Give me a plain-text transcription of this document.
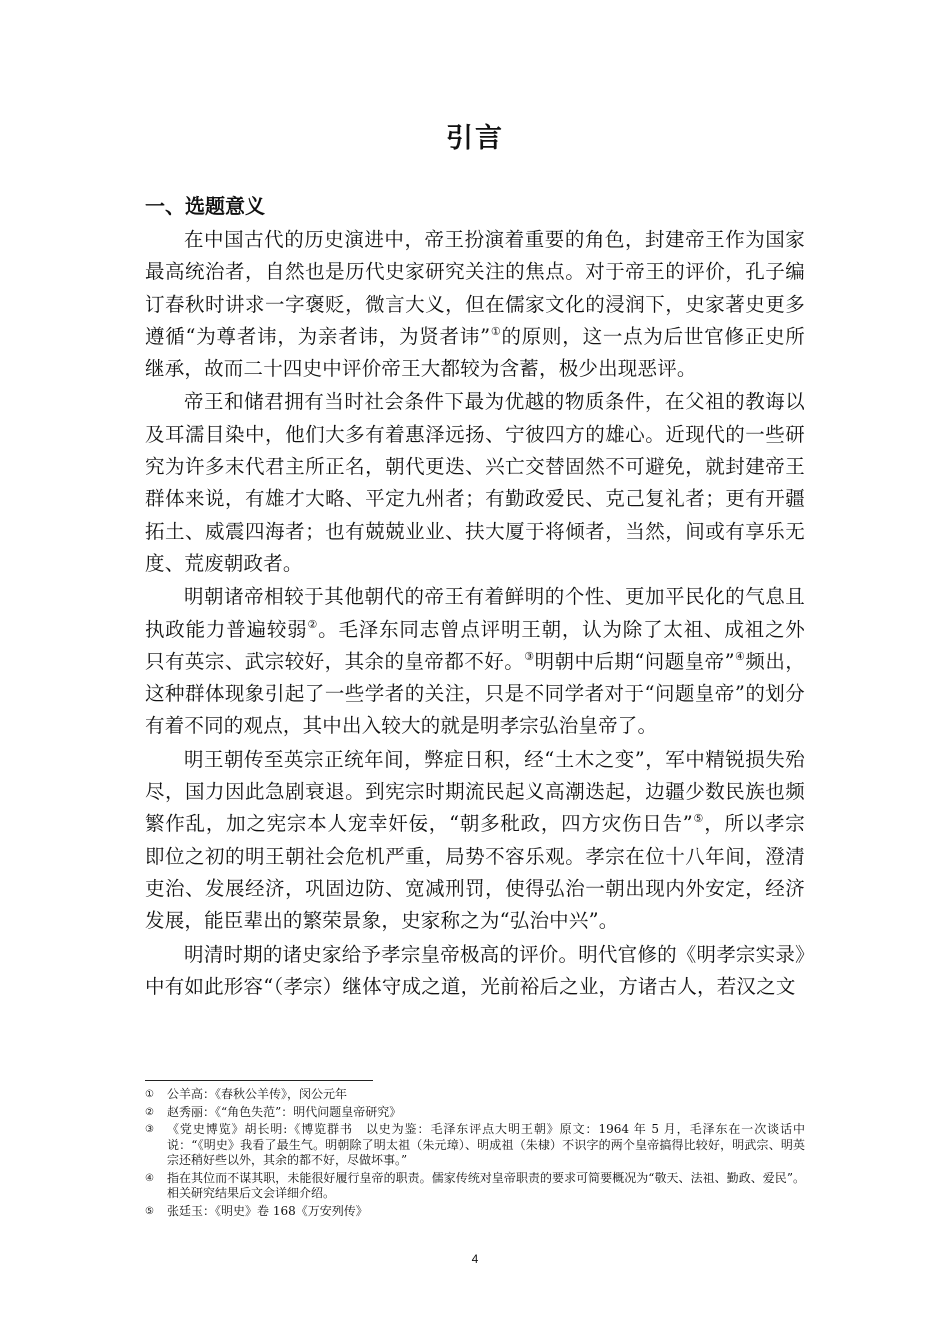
引言
一、选题意义

在中国古代的历史演进中，帝王扮演着重要的角色，封建帝王作为国家最高统治者，自然也是历代史家研究关注的焦点。对于帝王的评价，孔子编订春秋时讲求一字褒贬，微言大义，但在儒家文化的浸润下，史家著史更多遵循“为尊者讳，为亲者讳，为贤者讳”①的原则，这一点为后世官修正史所继承，故而二十四史中评价帝王大都较为含蓄，极少出现恶评。

帝王和储君拥有当时社会条件下最为优越的物质条件，在父祖的教诲以及耳濡目染中，他们大多有着惠泽远扬、宁彼四方的雄心。近现代的一些研究为许多末代君主所正名，朝代更迭、兴亡交替固然不可避免，就封建帝王群体来说，有雄才大略、平定九州者；有勤政爱民、克己复礼者；更有开疆拓土、威震四海者；也有兢兢业业、扶大厦于将倾者，当然，间或有享乐无度、荒废朝政者。

明朝诸帝相较于其他朝代的帝王有着鲜明的个性、更加平民化的气息且执政能力普遍较弱②。毛泽东同志曾点评明王朝，认为除了太祖、成祖之外只有英宗、武宗较好，其余的皇帝都不好。③明朝中后期“问题皇帝”④频出，这种群体现象引起了一些学者的关注，只是不同学者对于“问题皇帝”的划分有着不同的观点，其中出入较大的就是明孝宗弘治皇帝了。

明王朝传至英宗正统年间，弊症日积，经“土木之变”，军中精锐损失殆尽，国力因此急剧衰退。到宪宗时期流民起义高潮迭起，边疆少数民族也频繁作乱，加之宪宗本人宠幸奸佞，“朝多秕政，四方灾伤日告”⑤，所以孝宗即位之初的明王朝社会危机严重，局势不容乐观。孝宗在位十八年间，澄清吏治、发展经济，巩固边防、宽减刑罚，使得弘治一朝出现内外安定，经济发展，能臣辈出的繁荣景象，史家称之为“弘治中兴”。

明清时期的诸史家给予孝宗皇帝极高的评价。明代官修的《明孝宗实录》中有如此形容“（孝宗）继体守成之道，光前裕后之业，方诸古人，若汉之文

①	公羊高：《春秋公羊传》，闵公元年
②	赵秀丽：《“角色失范”：明代问题皇帝研究》
③	《党史博览》胡长明:《博览群书　以史为鉴：毛泽东评点大明王朝》原文：1964 年 5 月，毛泽东在一次谈话中说：“《明史》我看了最生气。明朝除了明太祖（朱元璋）、明成祖（朱棣）不识字的两个皇帝搞得比较好，明武宗、明英宗还稍好些以外，其余的都不好，尽做坏事。”
④	指在其位而不谋其职，未能很好履行皇帝的职责。儒家传统对皇帝职责的要求可简要概况为“敬天、法祖、勤政、爱民”。相关研究结果后文会详细介绍。
⑤	张廷玉：《明史》卷 168《万安列传》
4
